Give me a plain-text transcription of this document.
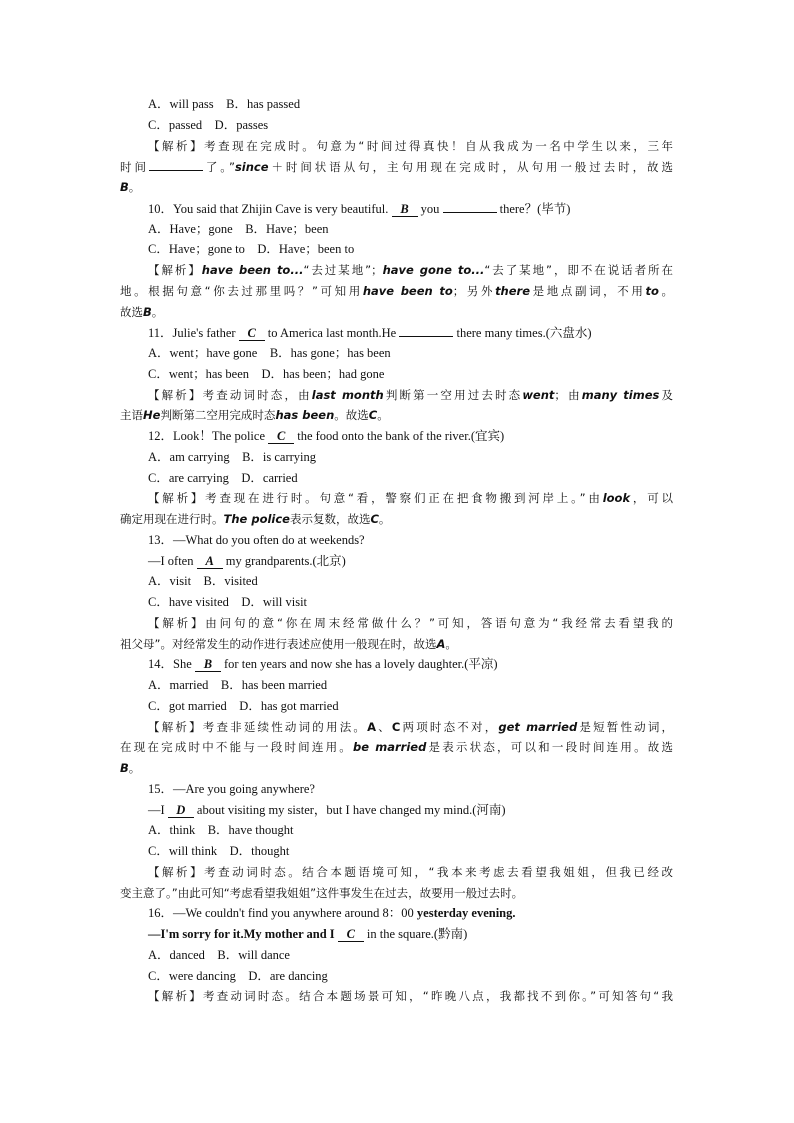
A．will pass　B．has passed
C．passed　D．passes
【解析】考查现在完成时。句意为“时间过得真快！自从我成为一名中学生以来，三年
时间	了。”since＋时间状语从句，主句用现在完成时，从句用一般过去时，故选
B。
10．You said that Zhijin Cave is very beautiful. B you	there？(毕节)
A．Have；gone　B．Have；been
C．Have；gone to　D．Have；been to
【解析】have been to...“去过某地”；have gone to...“去了某地”，即不在说话者所在
地。根据句意“你去过那里吗？”可知用have been to；另外there是地点副词，不用to。
故选B。
11．Julie's father C to America last month.He	there many times.(六盘水)
A．went；have gone　B．has gone；has been
C．went；has been　D．has been；had gone
【解析】考查动词时态，由last month判断第一空用过去时态went；由many times及
主语He判断第二空用完成时态has been。故选C。
12．Look！The police C the food onto the bank of the river.(宜宾)
A．am carrying　B．is carrying
C．are carrying　D．carried
【解析】考查现在进行时。句意“看，警察们正在把食物搬到河岸上。”由look，可以
确定用现在进行时。The police表示复数，故选C。
13．—What do you often do at weekends?
—I often A my grandparents.(北京)
A．visit　B．visited
C．have visited　D．will visit
【解析】由问句的意“你在周末经常做什么？”可知，答语句意为“我经常去看望我的
祖父母”。对经常发生的动作进行表述应使用一般现在时，故选A。
14．She B for ten years and now she has a lovely daughter.(平凉)
A．married　B．has been married
C．got married　D．has got married
【解析】考查非延续性动词的用法。A、C两项时态不对，get married是短暂性动词，
在现在完成时中不能与一段时间连用。be married是表示状态，可以和一段时间连用。故选
B。
15．—Are you going anywhere?
—I D about visiting my sister，but I have changed my mind.(河南)
A．think　B．have thought
C．will think　D．thought
【解析】考查动词时态。结合本题语境可知，“我本来考虑去看望我姐姐，但我已经改
变主意了。”由此可知“考虑看望我姐姐”这件事发生在过去，故要用一般过去时。
16．—We couldn't find you anywhere around 8：00 yesterday evening.
—I'm sorry for it.My mother and I C in the square.(黔南)
A．danced　B．will dance
C．were dancing　D．are dancing
【解析】考查动词时态。结合本题场景可知，“昨晚八点，我都找不到你。”可知答句“我
